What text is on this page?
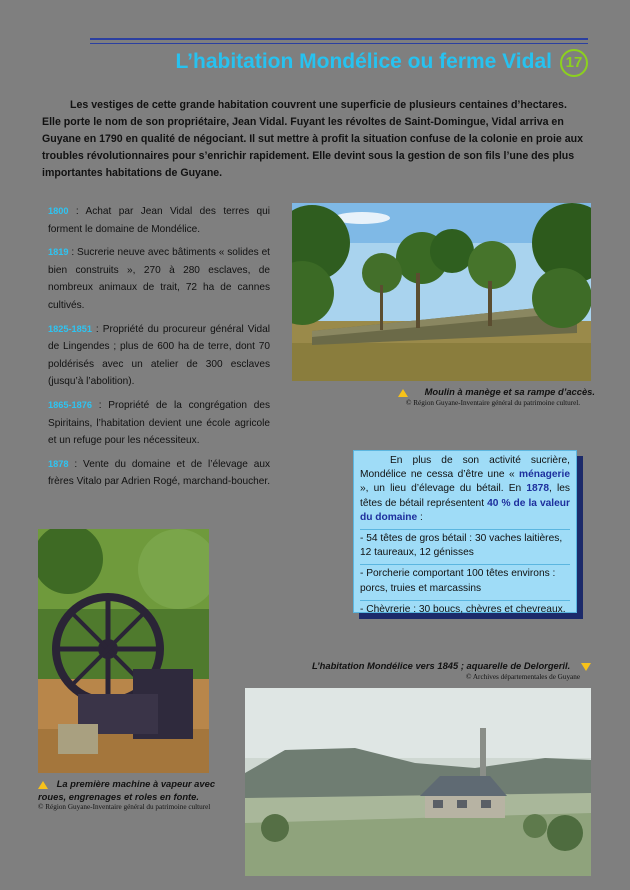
L’habitation Mondélice ou ferme Vidal 17
Les vestiges de cette grande habitation couvrent une superficie de plusieurs centaines d’hectares. Elle porte le nom de son propriétaire, Jean Vidal. Fuyant les révoltes de Saint-Domingue, Vidal arriva en Guyane en 1790 en qualité de négociant. Il sut mettre à profit la situation confuse de la colonie en proie aux troubles révolutionnaires pour s’enrichir rapidement. Elle devint sous la gestion de son fils l’une des plus importantes habitations de Guyane.

1800 : Achat par Jean Vidal des terres qui forment le domaine de Mondélice.

1819 : Sucrerie neuve avec bâtiments « solides et bien construits », 270 à 280 esclaves, de nombreux animaux de trait, 72 ha de cannes cultivés.

1825-1851 : Propriété du procureur général Vidal de Lingendes ; plus de 600 ha de terre, dont 70 poldérisés avec un atelier de 300 esclaves (jusqu’à l’abolition).

1865-1876 : Propriété de la congrégation des Spiritains, l’habitation devient une école agricole et un refuge pour les nécessiteux.

1878 : Vente du domaine et de l’élevage aux frères Vitalo par Adrien Rogé, marchand-boucher.

Moulin à manège et sa rampe d’accès.
© Région Guyane-Inventaire général du patrimoine culturel.

En plus de son activité sucrière, Mondélice ne cessa d’être une « ménagerie », un lieu d’élevage du bétail. En 1878, les têtes de bétail représentent 40 % de la valeur du domaine :

- 54 têtes de gros bétail : 30 vaches laitières, 12 taureaux, 12 génisses

- Porcherie comportant 100 têtes environs : porcs, truies et marcassins

- Chèvrerie : 30 boucs, chèvres et chevreaux.

La première machine à vapeur avec
roues, engrenages et roles en fonte.
© Région Guyane-Inventaire général du patrimoine culturel
L’habitation Mondélice vers 1845 ; aquarelle de Delorgeril.
© Archives départementales de Guyane
